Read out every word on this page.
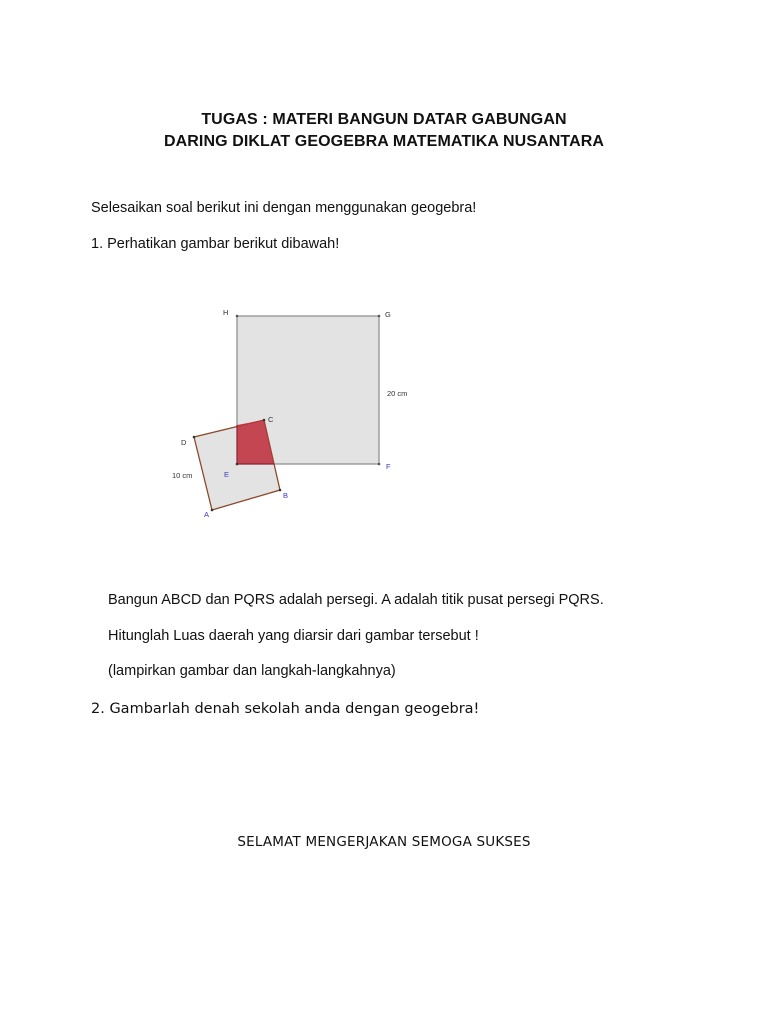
TUGAS : MATERI BANGUN DATAR GABUNGAN
DARING DIKLAT GEOGEBRA MATEMATIKA NUSANTARA
Selesaikan soal berikut ini dengan menggunakan geogebra!
1. Perhatikan gambar berikut dibawah!
H	G
F
C
D
E
B
A
20 cm
10 cm
Bangun ABCD dan PQRS adalah persegi. A adalah titik pusat persegi PQRS.
Hitunglah Luas daerah yang diarsir dari gambar tersebut !
(lampirkan gambar dan langkah-langkahnya)
2. Gambarlah denah sekolah anda dengan geogebra!
SELAMAT MENGERJAKAN SEMOGA SUKSES
